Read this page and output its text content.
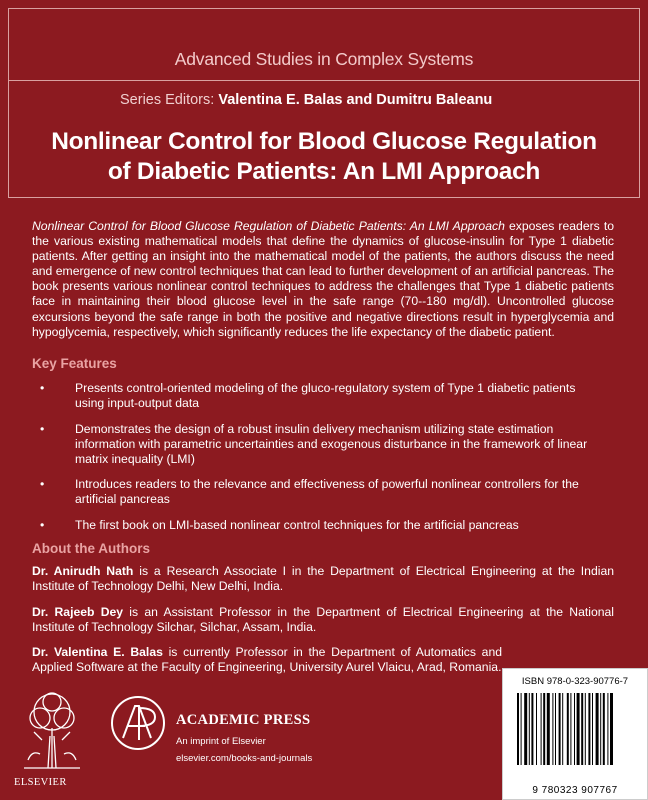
Advanced Studies in Complex Systems
Series Editors: Valentina E. Balas and Dumitru Baleanu
Nonlinear Control for Blood Glucose Regulation
of Diabetic Patients: An LMI Approach
Nonlinear Control for Blood Glucose Regulation of Diabetic Patients: An LMI Approach exposes readers to the various existing mathematical models that define the dynamics of glucose-insulin for Type 1 diabetic patients. After getting an insight into the mathematical model of the patients, the authors discuss the need and emergence of new control techniques that can lead to further development of an artificial pancreas. The book presents various nonlinear control techniques to address the challenges that Type 1 diabetic patients face in maintaining their blood glucose level in the safe range (70--180 mg/dl). Uncontrolled glucose excursions beyond the safe range in both the positive and negative directions result in hyperglycemia and hypoglycemia, respectively, which significantly reduces the life expectancy of the diabetic patient.
Key Features
•	Presents control-oriented modeling of the gluco-regulatory system of Type 1 diabetic patients using input-output data
•	Demonstrates the design of a robust insulin delivery mechanism utilizing state estimation information with parametric uncertainties and exogenous disturbance in the framework of linear matrix inequality (LMI)
•	Introduces readers to the relevance and effectiveness of powerful nonlinear controllers for the artificial pancreas
•	The first book on LMI-based nonlinear control techniques for the artificial pancreas
About the Authors
Dr. Anirudh Nath is a Research Associate I in the Department of Electrical Engineering at the Indian Institute of Technology Delhi, New Delhi, India.
Dr. Rajeeb Dey is an Assistant Professor in the Department of Electrical Engineering at the National Institute of Technology Silchar, Silchar, Assam, India.
Dr. Valentina E. Balas is currently Professor in the Department of Automatics and Applied Software at the Faculty of Engineering, University Aurel Vlaicu, Arad, Romania.
ELSEVIER
ACADEMIC PRESS
An imprint of Elsevier
elsevier.com/books-and-journals
ISBN 978-0-323-90776-7
9 780323 907767
